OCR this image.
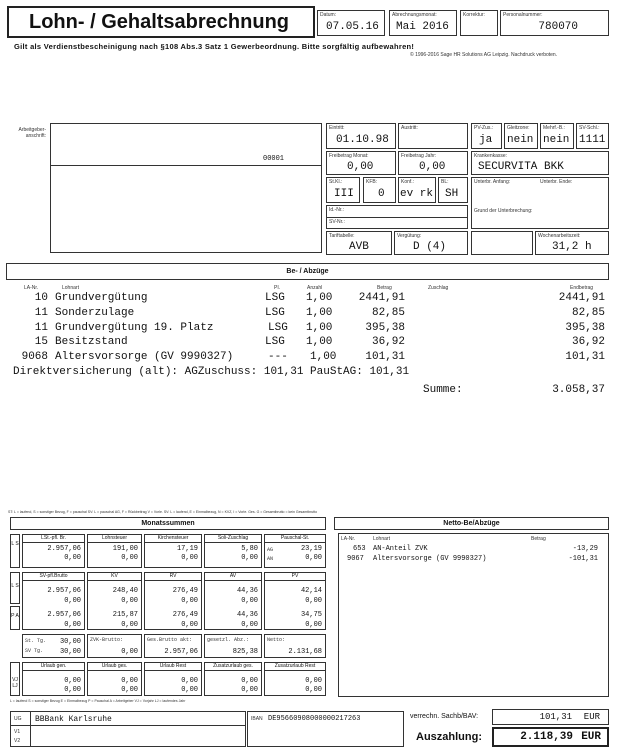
Lohn- / Gehaltsabrechnung	Datum:
07.05.16
Abrechnungsmonat:
Mai 2016
Korrektur:	Personalnummer:
780070
Gilt als Verdienstbescheinigung nach §108 Abs.3 Satz 1 Gewerbeordnung. Bitte sorgfältig aufbewahren!
© 1996-2016 Sage HR Solutions AG Leipzig. Nachdruck verboten.
Arbeitgeber-
anschrift:
00001
Eintritt:
01.10.98
Austritt:	PV-Zus.:
ja
Gleitzone:
nein
Mehrf.-B.:
nein
SV-Schl.:
1111
Freibetrag Monat:
0,00
Freibetrag Jahr:
0,00
Krankenkasse:
SECURVITA BKK
St.Kl.:
III
KFB:
0
Konf.:
ev rk
BL:
SH
Unterbr. Anfang:	Unterbr. Ende:
Grund der Unterbrechung:
Id.-Nr.:
SV-Nr.:
Tariftabelle:
AVB
Vergütung:
D (4)
Wochenarbeitszeit:
31,2 h
Be- / Abzüge
LA-Nr.	Lohnart	PI.	Anzahl	Betrag	Zuschlag	Endbetrag
10 Grundvergütung	LSG 1,00 2441,91	2441,91
11 Sonderzulage	LSG 1,00	82,85	82,85
11 Grundvergütung 19. Platz	LSG 1,00	395,38	395,38
15 Besitzstand	LSG 1,00	36,92	36,92
9068 Altersvorsorge (GV 9990327)	--- 1,00	101,31	101,31
Direktversicherung (alt): AGZuschuss: 101,31 PauStAG: 101,31
Summe:	3.058,37
ST: L = laufend, S = sonstiger Bezug, F = pauschal SV: L = pauschal AG, F = Rückbeitrag V = Vorle. SV: L = laufend, E = Einmalbezug, N = KVZ, I = Vorle. Ges. G = Gesamtbrutto = kein Gesamtbrutto
Monatssummen
L S
LSt.-pfl. Br.
2.957,06
0,00
Lohnsteuer
191,00
0,00
Kirchensteuer
17,19
0,00
Soli-Zuschlag
5,80
0,00
Pauschal-St.
AG
AN
23,19
0,00
L S
P A
SV-pfl.Brutto
2.957,06
0,00
2.957,06
0,00
KV
248,40
0,00
215,87
0,00
RV
276,49
0,00
276,49
0,00
AV
44,36
0,00
44,36
0,00
PV
42,14
0,00
34,75
0,00
St. Tg. 30,00
SV Tg. 30,00
ZVK-Brutto:
0,00
Ges.Brutto akt:
2.957,06
gesetzl. Abz.:
825,38
Netto:
2.131,68
VJ LJ
Urlaub gen.
0,00
0,00
Urlaub ges.
0,00
0,00
Urlaub Rest
0,00
0,00
Zusatzurlaub ges.
0,00
0,00
Zusatzurlaub Rest
0,00
0,00
L = laufend S = sonstiger Bezug E = Einmalbezug P = Pauschal A = Arbeitgeber VJ = Vorjahr LJ = laufendes Jahr
Netto-Be/Abzüge
LA-Nr.	Lohnart	Betrag
653 AN-Anteil ZVK	-13,29
9067 Altersvorsorge (GV 9990327)	-101,31
UG BBBank Karlsruhe
V1
V2
IBAN DE95660908000000217263	verrechn. Sachb/BAV:	101,31 EUR
Auszahlung:	2.118,39 EUR
